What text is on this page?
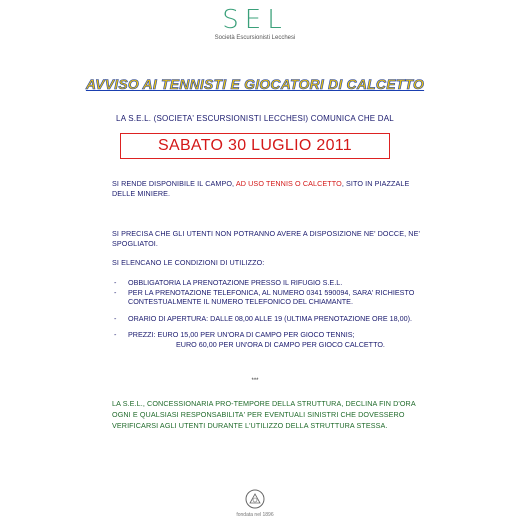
SEL
Società Escursionisti Lecchesi
AVVISO AI TENNISTI E GIOCATORI DI CALCETTO
LA S.E.L. (SOCIETA' ESCURSIONISTI LECCHESI) COMUNICA CHE DAL
SABATO 30 LUGLIO 2011
SI RENDE DISPONIBILE IL CAMPO, AD USO TENNIS O CALCETTO, SITO IN PIAZZALE DELLE MINIERE.
SI PRECISA CHE GLI UTENTI NON POTRANNO AVERE A DISPOSIZIONE NE' DOCCE, NE' SPOGLIATOI.
SI ELENCANO LE CONDIZIONI DI UTILIZZO:
-	OBBLIGATORIA LA PRENOTAZIONE PRESSO IL RIFUGIO S.E.L.
-	PER LA PRENOTAZIONE TELEFONICA, AL NUMERO 0341 590094, SARA' RICHIESTO CONTESTUALMENTE IL NUMERO TELEFONICO DEL CHIAMANTE.
-	ORARIO DI APERTURA: DALLE 08,00 ALLE 19 (ULTIMA PRENOTAZIONE ORE 18,00).
-	PREZZI: EURO 15,00 PER UN'ORA DI CAMPO PER GIOCO TENNIS;
EURO 60,00 PER UN'ORA DI CAMPO PER GIOCO CALCETTO.
***
LA S.E.L., CONCESSIONARIA PRO-TEMPORE DELLA STRUTTURA, DECLINA FIN D'ORA OGNI E QUALSIASI RESPONSABILITA' PER EVENTUALI SINISTRI CHE DOVESSERO VERIFICARSI AGLI UTENTI DURANTE L'UTILIZZO DELLA STRUTTURA STESSA.
fondata nel 1896
